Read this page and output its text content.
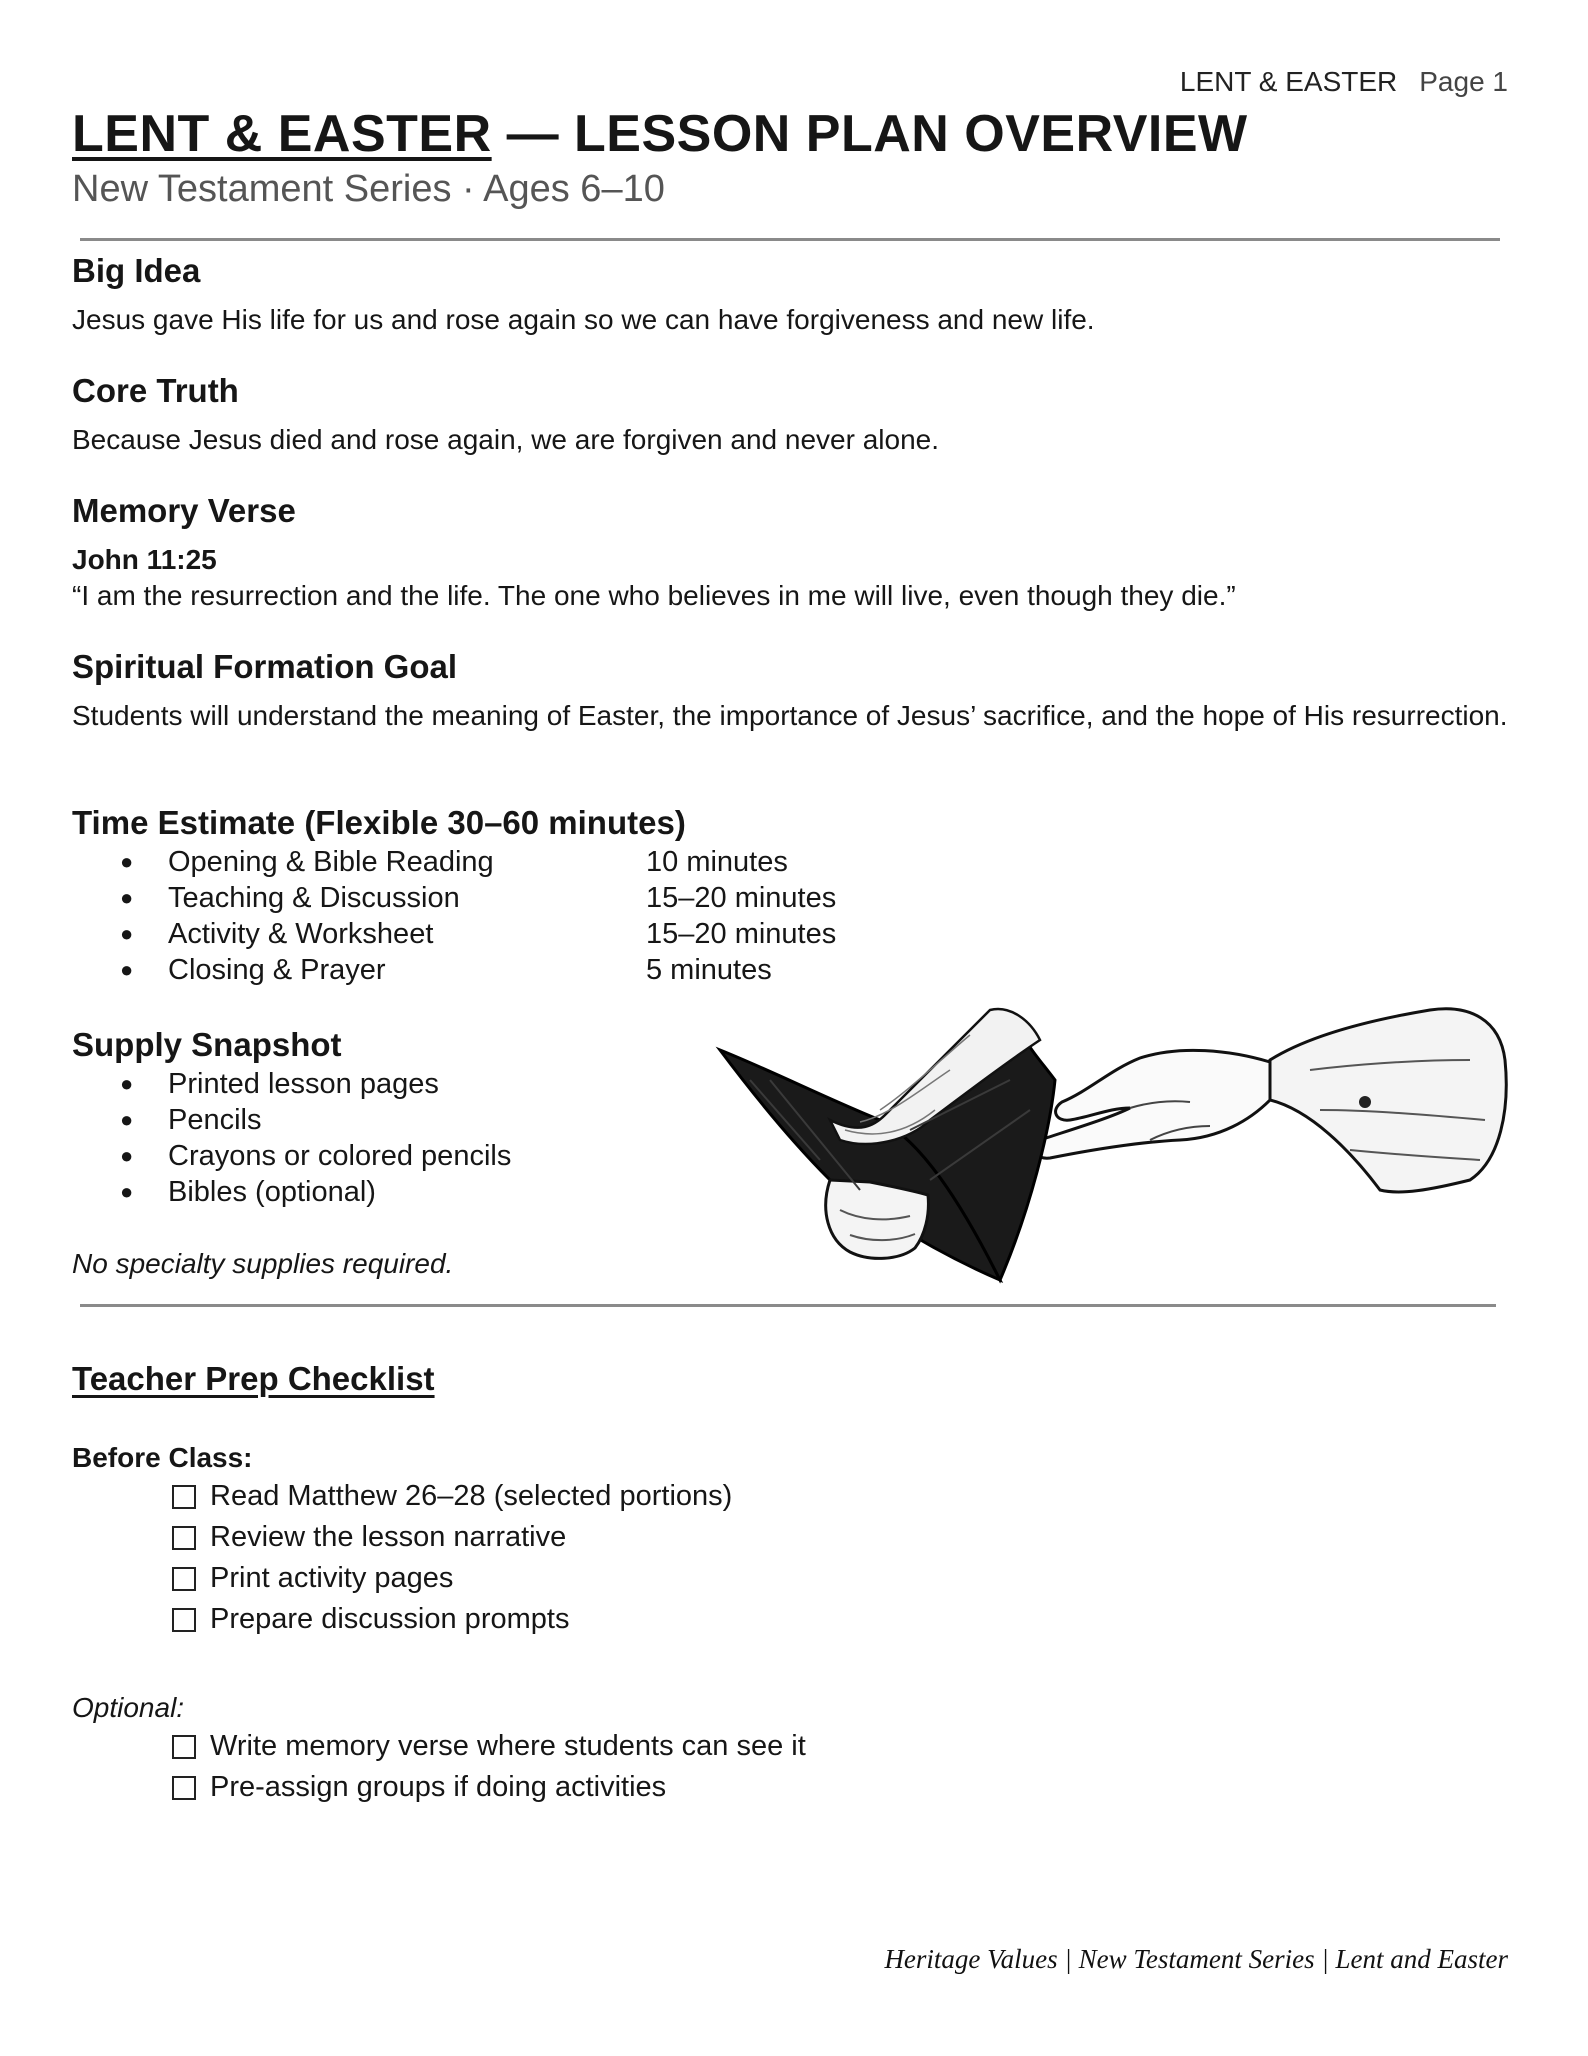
LENT & EASTER Page 1
LENT & EASTER — LESSON PLAN OVERVIEW
New Testament Series · Ages 6–10
Big Idea
Jesus gave His life for us and rose again so we can have forgiveness and new life.
Core Truth
Because Jesus died and rose again, we are forgiven and never alone.
Memory Verse
John 11:25
“I am the resurrection and the life. The one who believes in me will live, even though they die.”
Spiritual Formation Goal
Students will understand the meaning of Easter, the importance of Jesus’ sacrifice, and the hope of His resurrection.
Time Estimate (Flexible 30–60 minutes)
● Opening & Bible Reading	10 minutes
● Teaching & Discussion	15–20 minutes
● Activity & Worksheet	15–20 minutes
● Closing & Prayer	5 minutes
Supply Snapshot
● Printed lesson pages
● Pencils
● Crayons or colored pencils
● Bibles (optional)
No specialty supplies required.
Teacher Prep Checklist
Before Class:
Read Matthew 26–28 (selected portions)
Review the lesson narrative
Print activity pages
Prepare discussion prompts
Optional:
Write memory verse where students can see it
Pre-assign groups if doing activities
Heritage Values | New Testament Series | Lent and Easter
